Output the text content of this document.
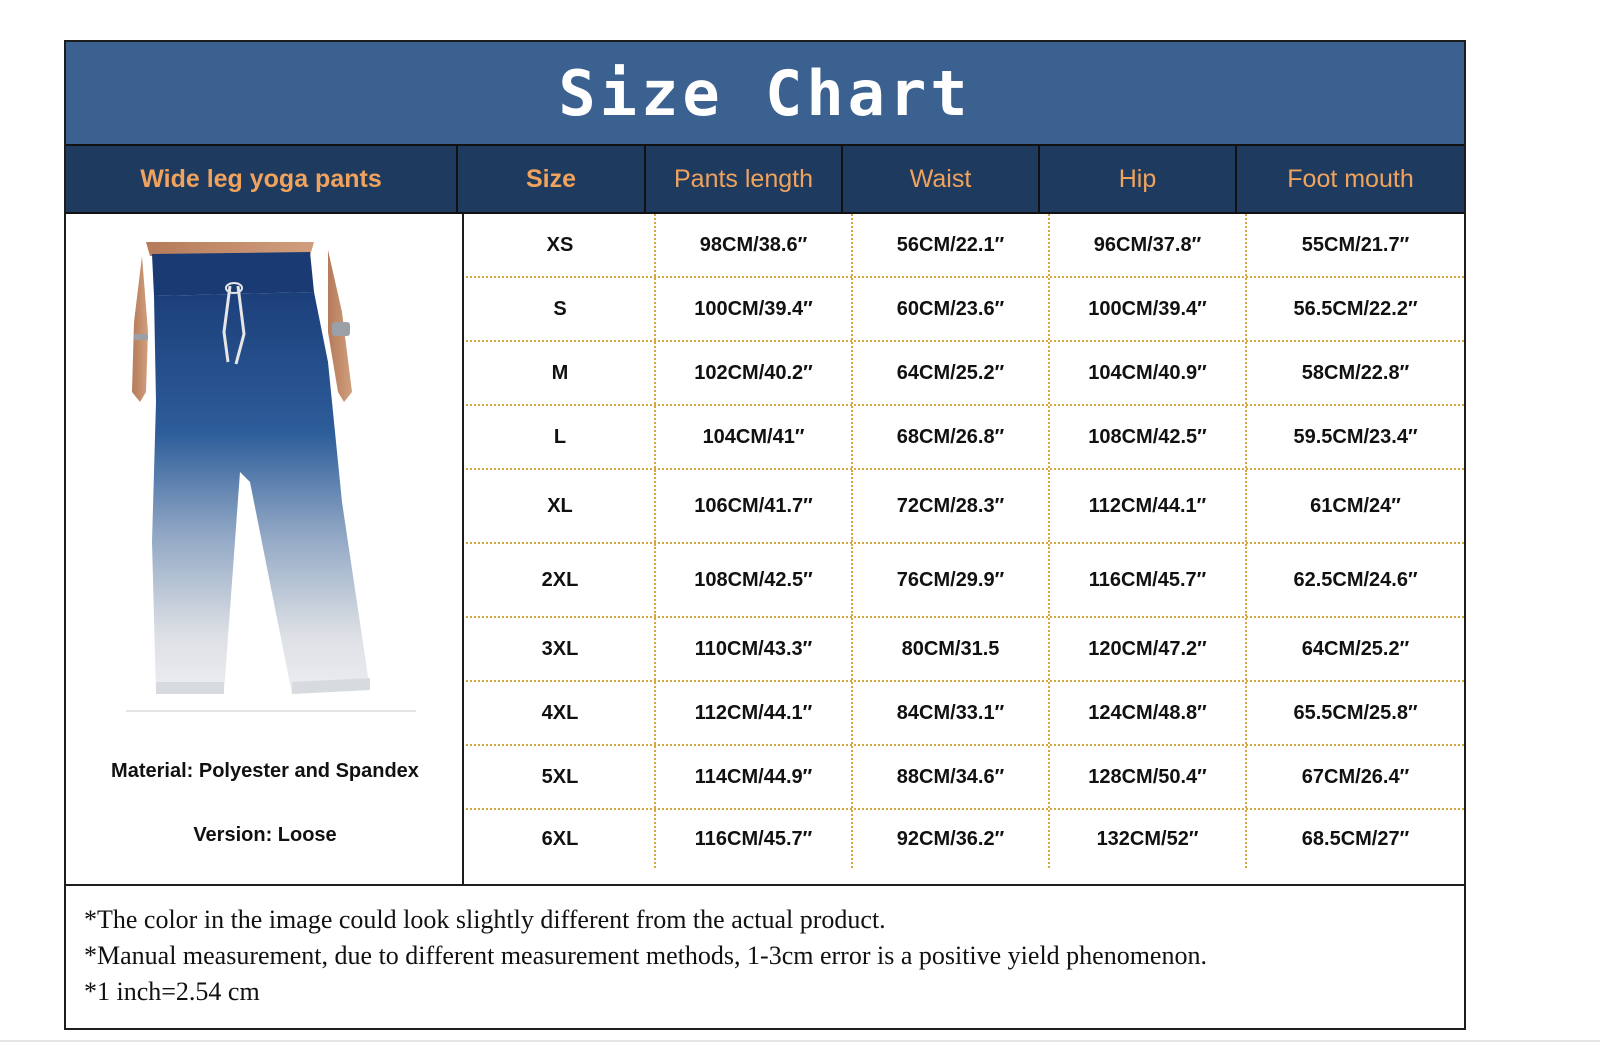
Size Chart
Wide leg yoga pants	Size	Pants length	Waist	Hip	Foot mouth
Material: Polyester and Spandex
Version: Loose
XS	98CM/38.6″	56CM/22.1″	96CM/37.8″	55CM/21.7″
S	100CM/39.4″	60CM/23.6″	100CM/39.4″	56.5CM/22.2″
M	102CM/40.2″	64CM/25.2″	104CM/40.9″	58CM/22.8″
L	104CM/41″	68CM/26.8″	108CM/42.5″	59.5CM/23.4″
XL	106CM/41.7″	72CM/28.3″	112CM/44.1″	61CM/24″
2XL	108CM/42.5″	76CM/29.9″	116CM/45.7″	62.5CM/24.6″
3XL	110CM/43.3″	80CM/31.5	120CM/47.2″	64CM/25.2″
4XL	112CM/44.1″	84CM/33.1″	124CM/48.8″	65.5CM/25.8″
5XL	114CM/44.9″	88CM/34.6″	128CM/50.4″	67CM/26.4″
6XL	116CM/45.7″	92CM/36.2″	132CM/52″	68.5CM/27″
*The color in the image could look slightly different from the actual product.
*Manual measurement, due to different measurement methods, 1-3cm error is a positive yield phenomenon.
*1 inch=2.54 cm
